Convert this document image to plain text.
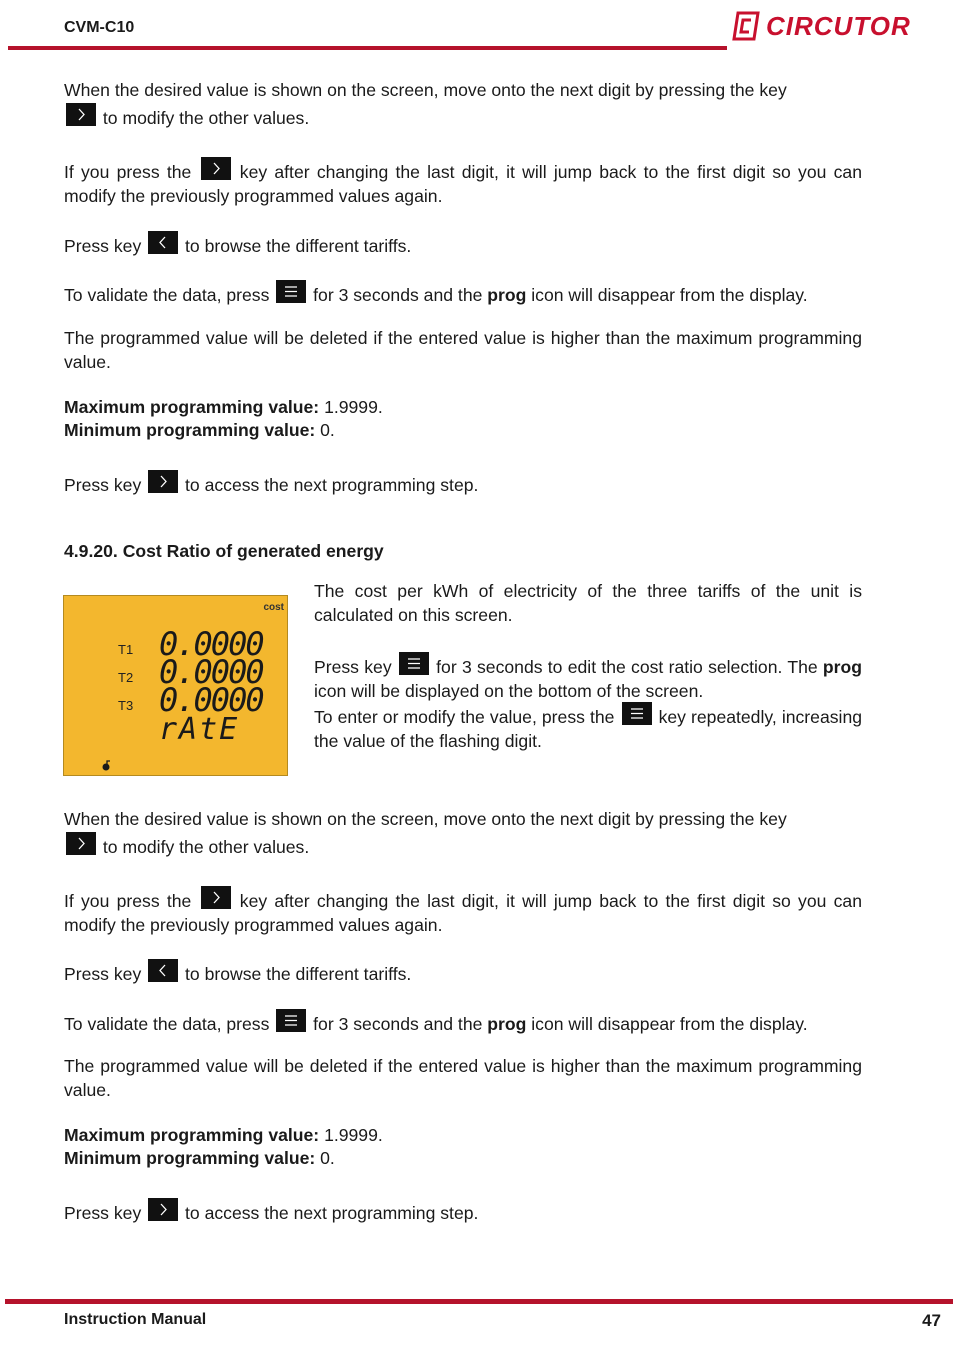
CVM-C10	CIRCUTOR
When the desired value is shown on the screen, move onto the next digit by pressing the key

to modify the other values.
If you press the	key after changing the last digit, it will jump back to the first digit so you can modify the previously programmed values again.
Press key to browse the different tariffs.
To validate the data, press for 3 seconds and the prog icon will disappear from the display.
The programmed value will be deleted if the entered value is higher than the maximum programming value.
Maximum programming value: 1.9999.
Minimum programming value: 0.
Press key to access the next programming step.
4.9.20. Cost Ratio of generated energy
cost
T1
T2
T3
0.0000
0.0000
0.0000
rAtE
The cost per kWh of electricity of the three tariffs of the unit is calculated on this screen.
Press key	for 3 seconds to edit the cost ratio selection. The prog icon will be displayed on the bottom of the screen.
To enter or modify the value, press the	key repeatedly, increasing the value of the flashing digit.
When the desired value is shown on the screen, move onto the next digit by pressing the key

to modify the other values.
If you press the	key after changing the last digit, it will jump back to the first digit so you can modify the previously programmed values again.
Press key to browse the different tariffs.
To validate the data, press for 3 seconds and the prog icon will disappear from the display.
The programmed value will be deleted if the entered value is higher than the maximum programming value.
Maximum programming value: 1.9999.
Minimum programming value: 0.
Press key to access the next programming step.
Instruction Manual	47
